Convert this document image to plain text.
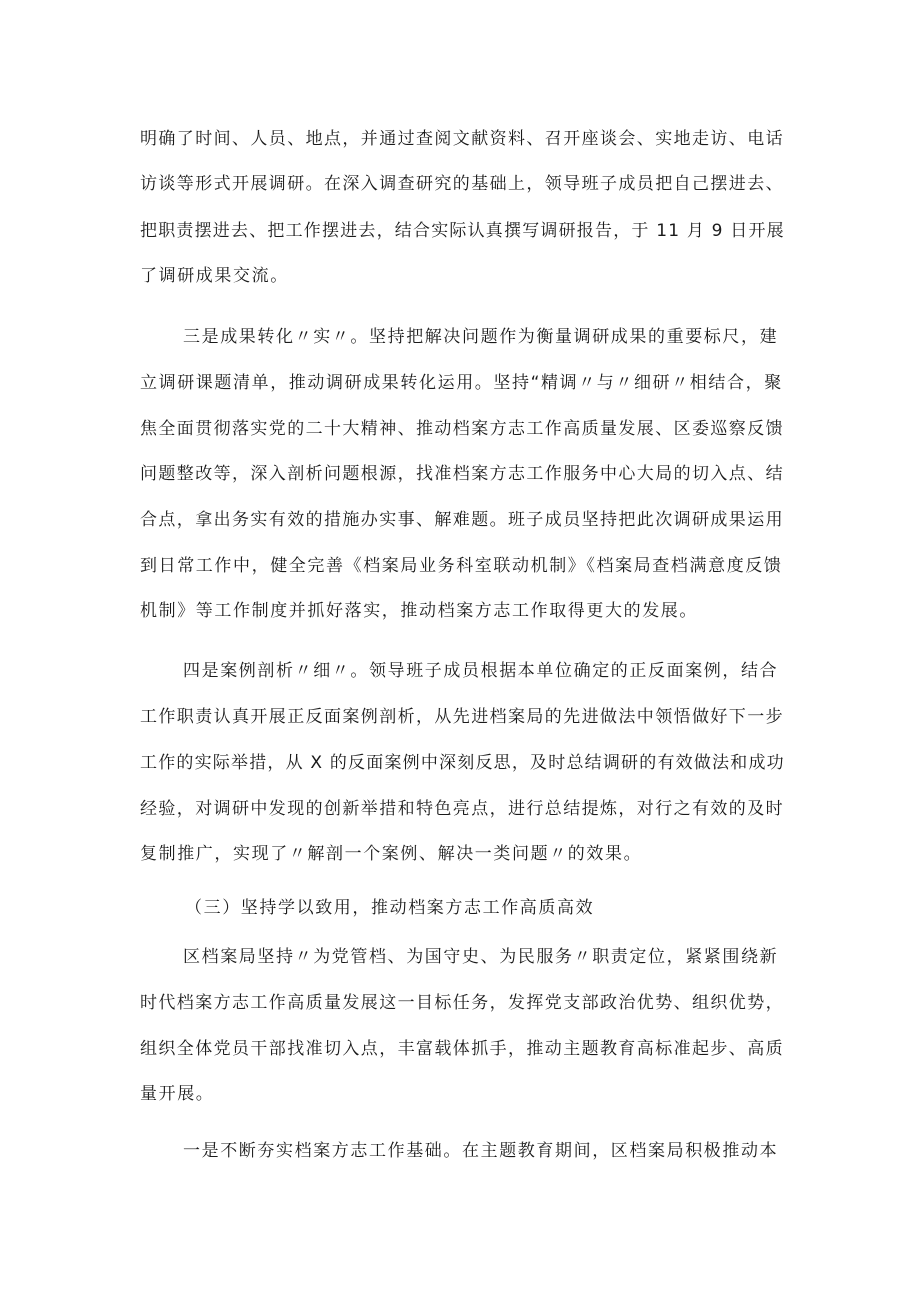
明确了时间、人员、地点，并通过查阅文献资料、召开座谈会、实地走访、电话
访谈等形式开展调研。在深入调查研究的基础上，领导班子成员把自己摆进去、
把职责摆进去、把工作摆进去，结合实际认真撰写调研报告，于 11 月 9 日开展
了调研成果交流。
三是成果转化〃实〃。坚持把解决问题作为衡量调研成果的重要标尺，建
立调研课题清单，推动调研成果转化运用。坚持“精调〃与〃细研〃相结合，聚
焦全面贯彻落实党的二十大精神、推动档案方志工作高质量发展、区委巡察反馈
问题整改等，深入剖析问题根源，找准档案方志工作服务中心大局的切入点、结
合点，拿出务实有效的措施办实事、解难题。班子成员坚持把此次调研成果运用
到日常工作中，健全完善《档案局业务科室联动机制》《档案局查档满意度反馈
机制》等工作制度并抓好落实，推动档案方志工作取得更大的发展。
四是案例剖析〃细〃。领导班子成员根据本单位确定的正反面案例，结合
工作职责认真开展正反面案例剖析，从先进档案局的先进做法中领悟做好下一步
工作的实际举措，从 X 的反面案例中深刻反思，及时总结调研的有效做法和成功
经验，对调研中发现的创新举措和特色亮点，进行总结提炼，对行之有效的及时
复制推广，实现了〃解剖一个案例、解决一类问题〃的效果。
（三）坚持学以致用，推动档案方志工作高质高效
区档案局坚持〃为党管档、为国守史、为民服务〃职责定位，紧紧围绕新
时代档案方志工作高质量发展这一目标任务，发挥党支部政治优势、组织优势，
组织全体党员干部找准切入点，丰富载体抓手，推动主题教育高标准起步、高质
量开展。
一是不断夯实档案方志工作基础。在主题教育期间，区档案局积极推动本
